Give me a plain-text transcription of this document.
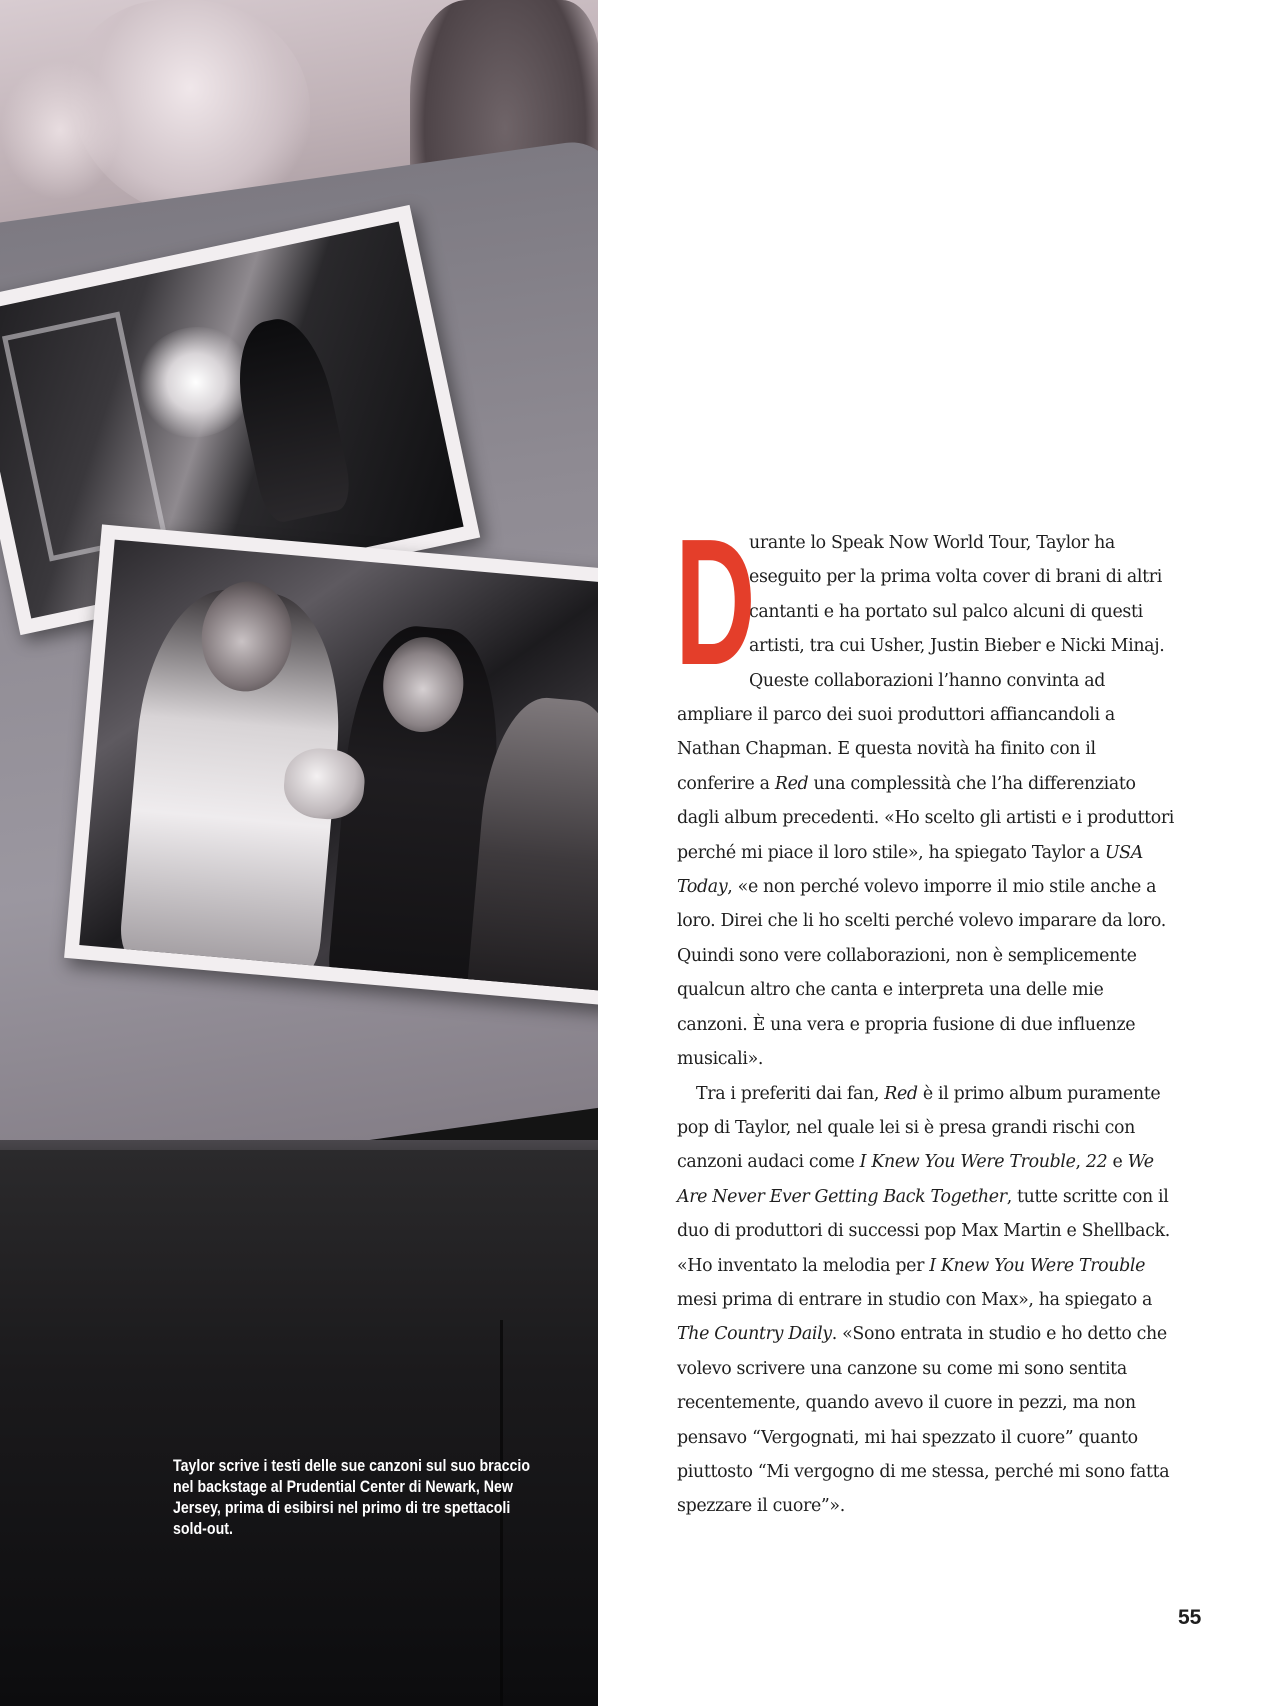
Taylor scrive i testi delle sue canzoni sul suo braccio nel backstage al Prudential Center di Newark, New Jersey, prima di esibirsi nel primo di tre spettacoli sold-out.

D
urante lo Speak Now World Tour, Taylor ha eseguito per la prima volta cover di brani di altri cantanti e ha portato sul palco alcuni di questi artisti, tra cui Usher, Justin Bieber e Nicki Minaj. Queste collaborazioni l’hanno convinta ad ampliare il parco dei suoi produttori affiancandoli a Nathan Chapman. E questa novità ha finito con il conferire a Red una complessità che l’ha differenziato dagli album precedenti. «Ho scelto gli artisti e i produttori perché mi piace il loro stile», ha spiegato Taylor a USA Today, «e non perché volevo imporre il mio stile anche a loro. Direi che li ho scelti perché volevo imparare da loro. Quindi sono vere collaborazioni, non è semplicemente qualcun altro che canta e interpreta una delle mie canzoni. È una vera e propria fusione di due influenze musicali».

Tra i preferiti dai fan, Red è il primo album puramente pop di Taylor, nel quale lei si è presa grandi rischi con canzoni audaci come I Knew You Were Trouble, 22 e We Are Never Ever Getting Back Together, tutte scritte con il duo di produttori di successi pop Max Martin e Shellback. «Ho inventato la melodia per I Knew You Were Trouble mesi prima di entrare in studio con Max», ha spiegato a The Country Daily. «Sono entrata in studio e ho detto che volevo scrivere una canzone su come mi sono sentita recentemente, quando avevo il cuore in pezzi, ma non pensavo “Vergognati, mi hai spezzato il cuore” quanto piuttosto “Mi vergogno di me stessa, perché mi sono fatta spezzare il cuore”».

55
